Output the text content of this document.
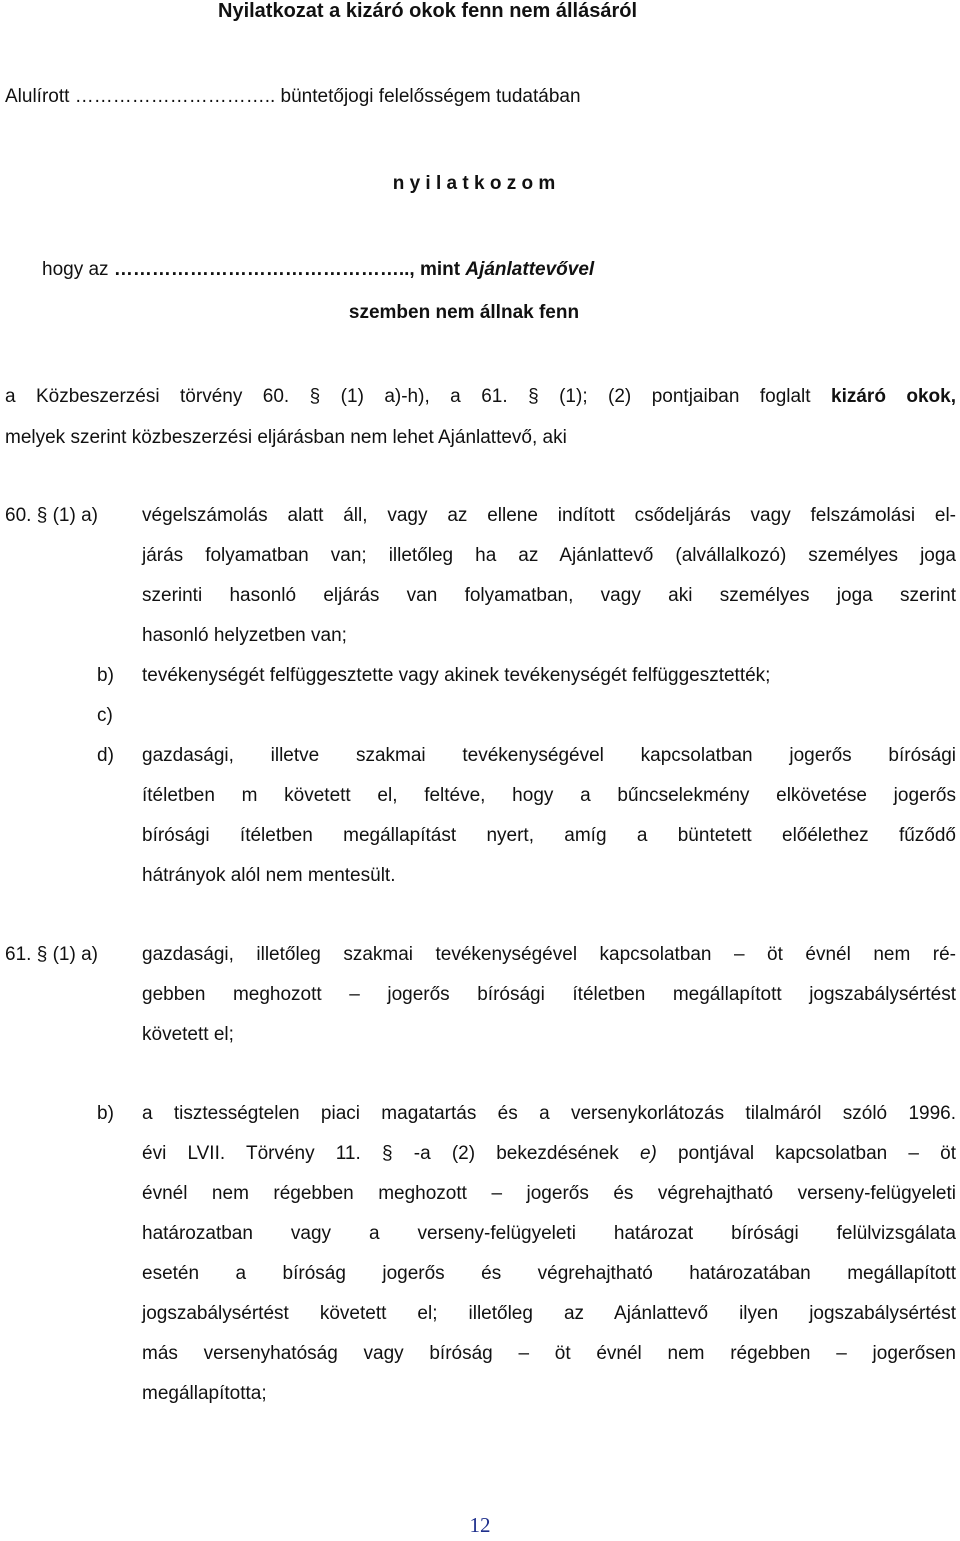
Nyilatkozat a kizáró okok fenn nem állásáról
Alulírott ………………………….. büntetőjogi felelősségem tudatában
n y i l a t k o z o m
hogy az ……………………………………….., mint Ajánlattevővel
szemben nem állnak fenn
a Közbeszerzési törvény 60. § (1) a)-h), a 61. § (1); (2) pontjaiban foglalt kizáró okok,
melyek szerint közbeszerzési eljárásban nem lehet Ajánlattevő, aki
60. § (1) a) végelszámolás alatt áll, vagy az ellene indított csődeljárás vagy felszámolási el-
járás folyamatban van; illetőleg ha az Ajánlattevő (alvállalkozó) személyes joga
szerinti hasonló eljárás van folyamatban, vagy aki személyes joga szerint
hasonló helyzetben van;
b) tevékenységét felfüggesztette vagy akinek tevékenységét felfüggesztették;
c)
d) gazdasági, illetve szakmai tevékenységével kapcsolatban jogerős bírósági
ítéletben m követett el, feltéve, hogy a bűncselekmény elkövetése jogerős
bírósági ítéletben megállapítást nyert, amíg a büntetett előélethez fűződő
hátrányok alól nem mentesült.
61. § (1) a) gazdasági, illetőleg szakmai tevékenységével kapcsolatban – öt évnél nem ré-
gebben meghozott – jogerős bírósági ítéletben megállapított jogszabálysértést
követett el;
b) a tisztességtelen piaci magatartás és a versenykorlátozás tilalmáról szóló 1996.
évi LVII. Törvény 11. § -a (2) bekezdésének e) pontjával kapcsolatban – öt
évnél nem régebben meghozott – jogerős és végrehajtható verseny-felügyeleti
határozatban vagy a verseny-felügyeleti határozat bírósági felülvizsgálata
esetén a bíróság jogerős és végrehajtható határozatában megállapított
jogszabálysértést követett el; illetőleg az Ajánlattevő ilyen jogszabálysértést
más versenyhatóság vagy bíróság – öt évnél nem régebben – jogerősen
megállapította;
12
